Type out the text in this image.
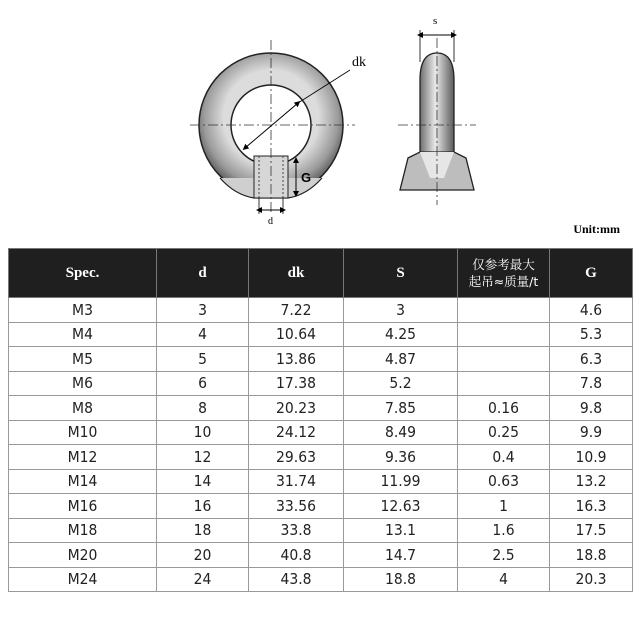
dk
G
d
s
Unit:mm
Spec.	d	dk	S	仅参考最大
起吊≈质量/t	G
M3	3	7.22	3		4.6
M4	4	10.64	4.25		5.3
M5	5	13.86	4.87		6.3
M6	6	17.38	5.2		7.8
M8	8	20.23	7.85	0.16	9.8
M10	10	24.12	8.49	0.25	9.9
M12	12	29.63	9.36	0.4	10.9
M14	14	31.74	11.99	0.63	13.2
M16	16	33.56	12.63	1	16.3
M18	18	33.8	13.1	1.6	17.5
M20	20	40.8	14.7	2.5	18.8
M24	24	43.8	18.8	4	20.3
